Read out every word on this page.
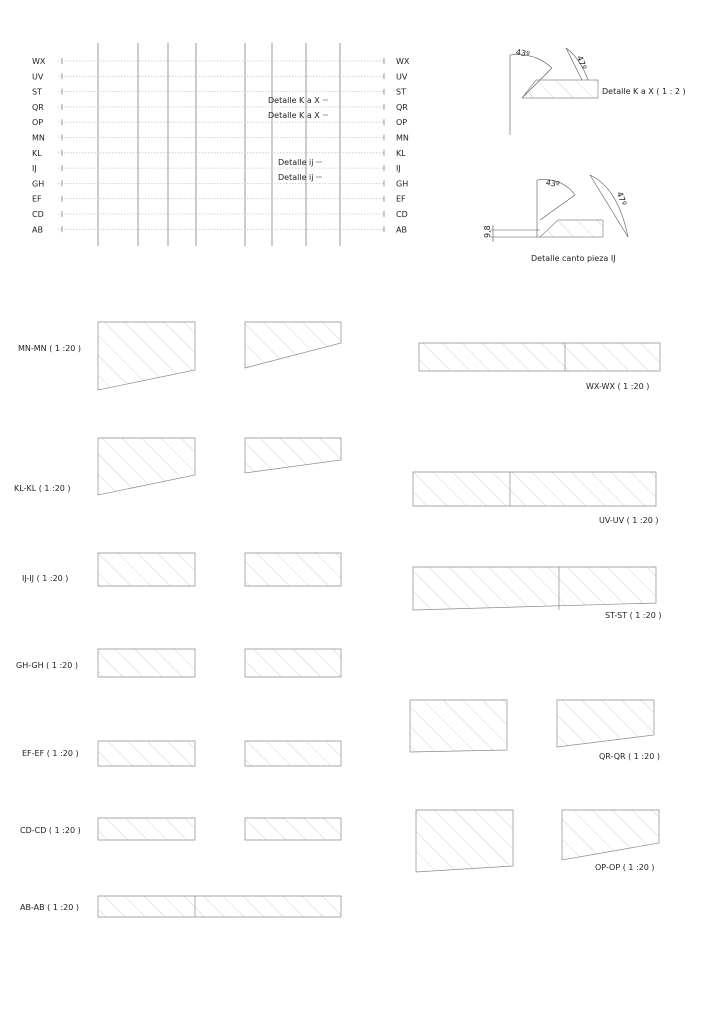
WX	WX
UV	UV
ST	ST
QR	QR
OP	OP
MN	MN
KL	KL
IJ	IJ
GH	GH
EF	EF
CD	CD
AB	AB
Detalle K a X
Detalle K a X
Detalle ij
Detalle ij
43º
47º
Detalle K a X ( 1 : 2 )
9,8
43º
47º
Detalle canto pieza IJ
MN-MN ( 1 :20 )
KL-KL ( 1 :20 )
IJ-IJ ( 1 :20 )
GH-GH ( 1 :20 )
EF-EF ( 1 :20 )
CD-CD ( 1 :20 )
AB-AB ( 1 :20 )
WX-WX ( 1 :20 )
UV-UV ( 1 :20 )
ST-ST ( 1 :20 )
QR-QR ( 1 :20 )
OP-OP ( 1 :20 )
